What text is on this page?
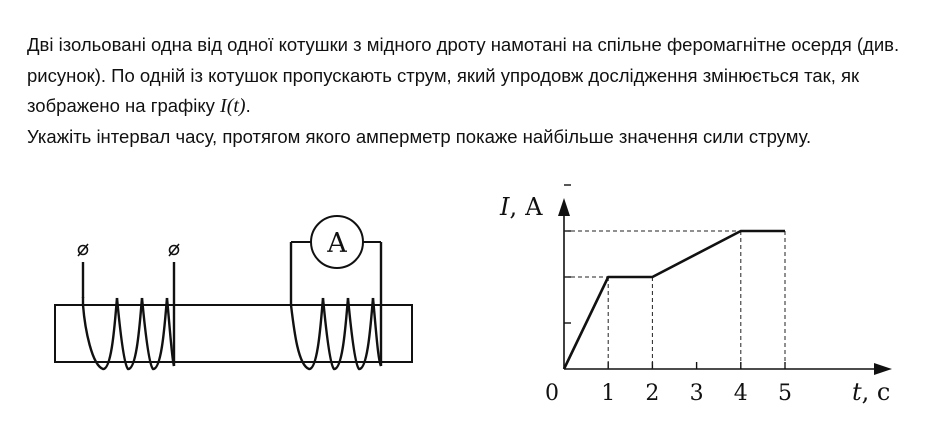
Дві ізольовані одна від одної котушки з мідного дроту намотані на спільне феромагнітне осердя (див. рисунок). По одній із котушок пропускають струм, який упродовж дослідження змінюється так, як зображено на графіку I(t).

Укажіть інтервал часу, протягом якого амперметр покаже найбільше значення сили струму.

A
0 1 2 3 4 5
I, А
t, с
